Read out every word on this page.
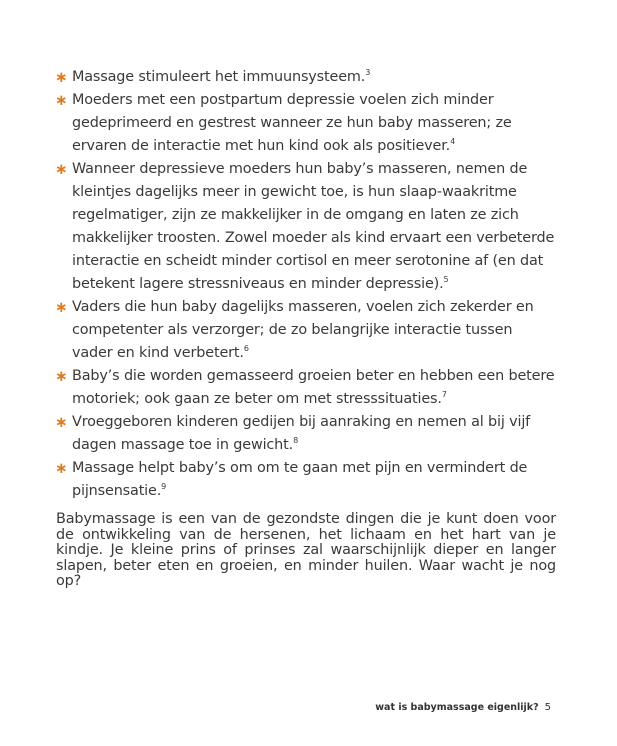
∗ Massage stimuleert het immuunsysteem.$^3$
∗ Moeders met een postpartum depressie voelen zich minder gedeprimeerd en gestrest wanneer ze hun baby masseren; ze ervaren de interactie met hun kind ook als positiever.$^4$
∗ Wanneer depressieve moeders hun baby’s masseren, nemen de kleintjes dagelijks meer in gewicht toe, is hun slaap-waakritme regelmatiger, zijn ze makkelijker in de omgang en laten ze zich makkelijker troosten. Zowel moeder als kind ervaart een verbeterde interactie en scheidt minder cortisol en meer serotonine af (en dat betekent lagere stressniveaus en minder depressie).$^5$
∗ Vaders die hun baby dagelijks masseren, voelen zich zekerder en competenter als verzorger; de zo belangrijke interactie tussen vader en kind verbetert.$^6$
∗ Baby’s die worden gemasseerd groeien beter en hebben een betere motoriek; ook gaan ze beter om met stresssituaties.$^7$
∗ Vroeggeboren kinderen gedijen bij aanraking en nemen al bij vijf dagen massage toe in gewicht.$^8$
∗ Massage helpt baby’s om om te gaan met pijn en vermindert de pijnsensatie.$^9$

Babymassage is een van de gezondste dingen die je kunt doen voor de ontwikkeling van de hersenen, het lichaam en het hart van je kindje. Je kleine prins of prinses zal waarschijnlijk dieper en langer slapen, beter eten en groeien, en minder huilen. Waar wacht je nog op?

wat is babymassage eigenlijk? 5
